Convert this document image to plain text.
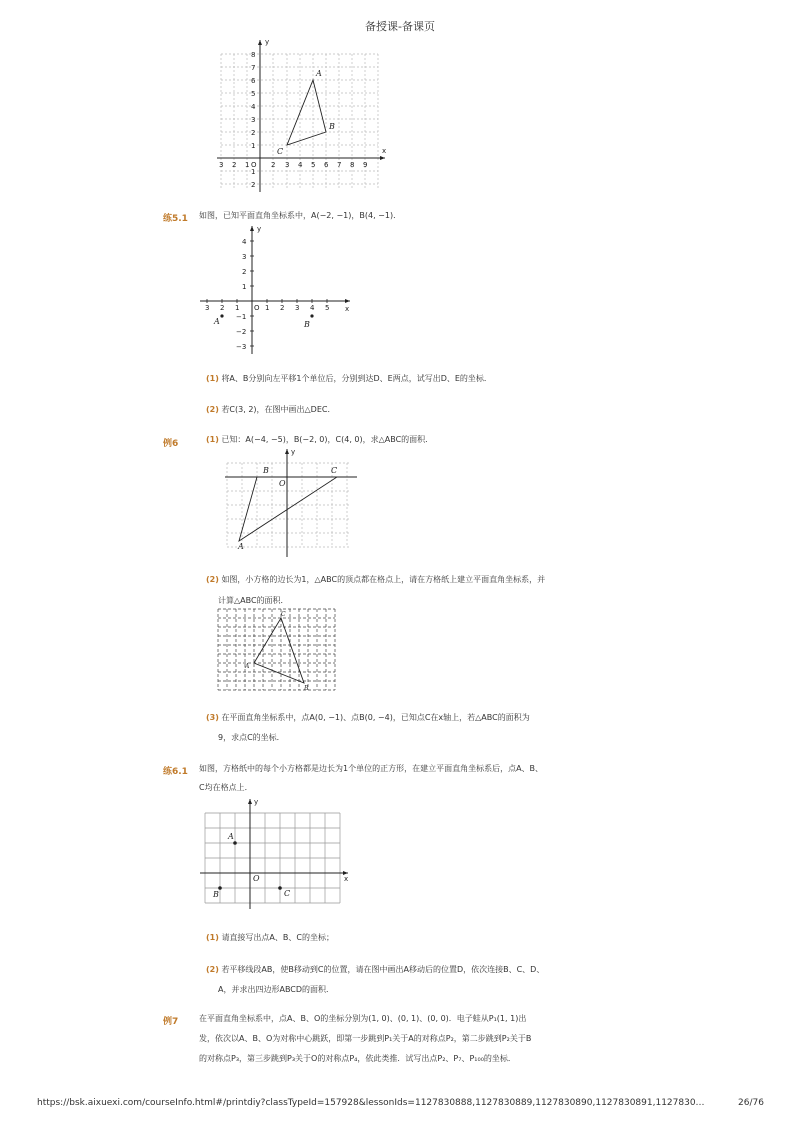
备授课-备课页
x
y
O
3 2 1	2 3 4 5 6 7 8 9
8
7
6
5
4
3
2
1
1
2
A
B
C
练5.1 如图，已知平面直角坐标系中，A(−2, −1)，B(4, −1)．
y
x
O
3 2 1	1 2 3 4 5
4
3
2
1
−1
−2
−3
A	B
(1) 将A、B分别向左平移1个单位后，分别到达D、E两点，试写出D、E的坐标．
(2) 若C(3, 2)，在图中画出△DEC．
例6	(1) 已知：A(−4, −5)，B(−2, 0)，C(4, 0)，求△ABC的面积．
y
A
B	C
O
(2) 如图，小方格的边长为1，△ABC的顶点都在格点上，请在方格纸上建立平面直角坐标系，并
计算△ABC的面积．
A
B
C
(3) 在平面直角坐标系中，点A(0, −1)、点B(0, −4)，已知点C在x轴上，若△ABC的面积为
9，求点C的坐标．
练6.1 如图，方格纸中的每个小方格都是边长为1个单位的正方形，在建立平面直角坐标系后，点A、B、
C均在格点上．
y
x
O
A
B	C
(1) 请直接写出点A、B、C的坐标；
(2) 若平移线段AB，使B移动到C的位置，请在图中画出A移动后的位置D，依次连接B、C、D、
A，并求出四边形ABCD的面积．
例7	在平面直角坐标系中，点A、B、O的坐标分别为(1, 0)、(0, 1)、(0, 0)．电子蛙从P₁(1, 1)出
发，依次以A、B、O为对称中心跳跃，即第一步跳到P₁关于A的对称点P₂，第二步跳到P₂关于B
的对称点P₃，第三步跳到P₃关于O的对称点P₄，依此类推．试写出点P₂、P₇、P₁₀₀的坐标．
https://bsk.aixuexi.com/courseInfo.html#/printdiy?classTypeId=157928&lessonIds=1127830888,1127830889,1127830890,1127830891,1127830…	26/76
